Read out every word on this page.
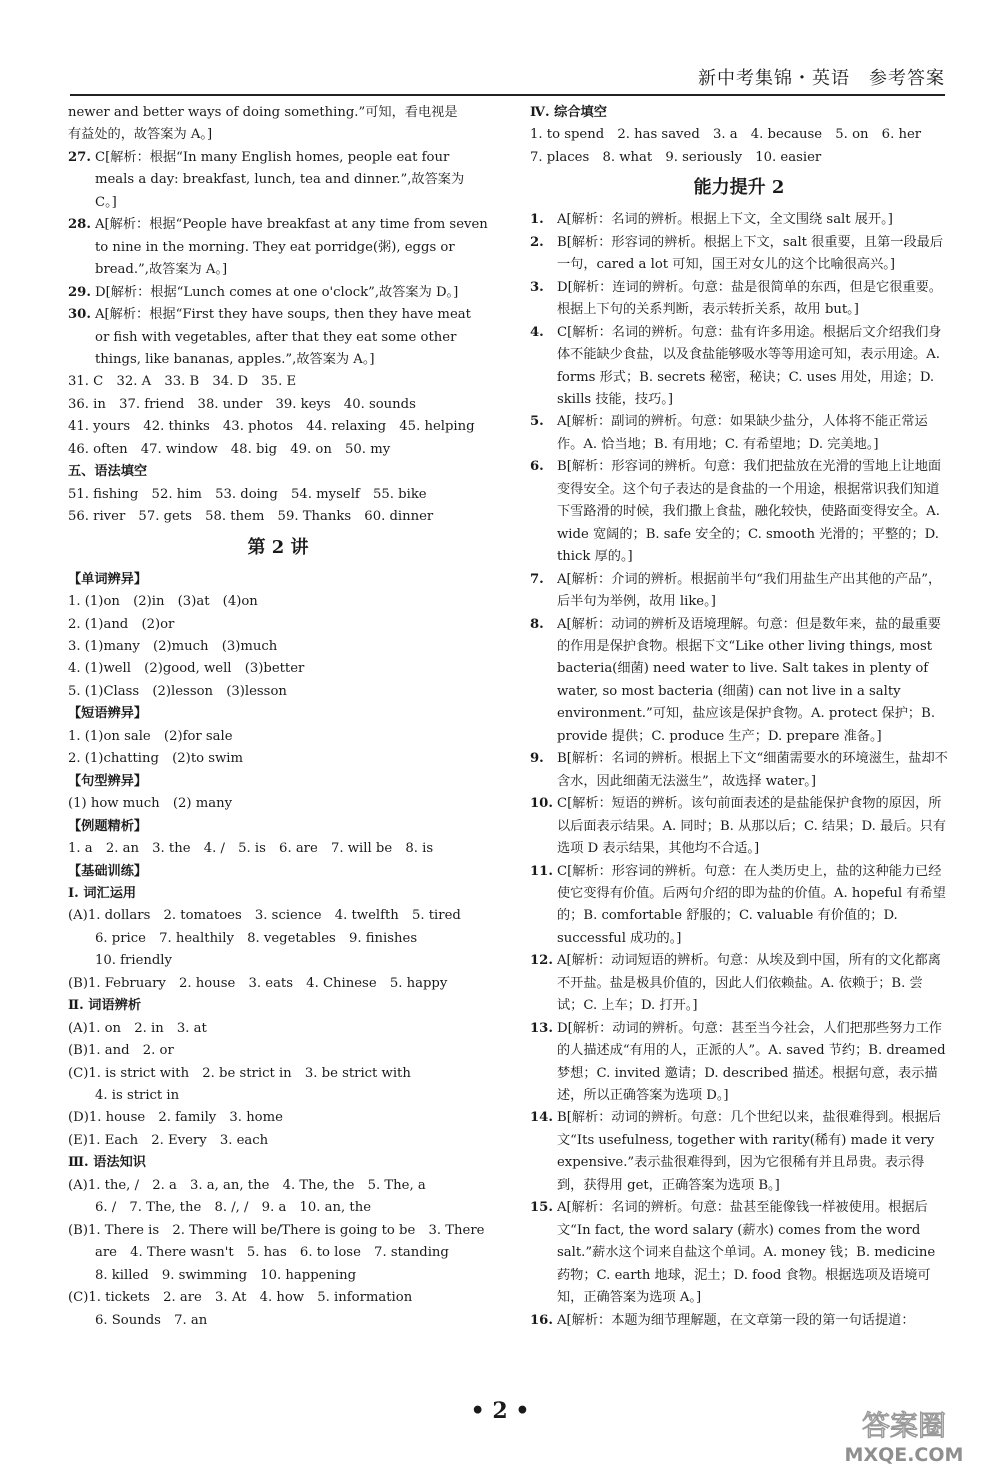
新中考集锦・英语　参考答案
newer and better ways of doing something.”可知，看电视是
有益处的，故答案为 A。]
27. C[解析：根据“In many English homes, people eat four meals a day: breakfast, lunch, tea and dinner.”,故答案为 C。]
28. A[解析：根据“People have breakfast at any time from seven to nine in the morning. They eat porridge(粥), eggs or bread.”,故答案为 A。]
29. D[解析：根据“Lunch comes at one o'clock”,故答案为 D。]
30. A[解析：根据“First they have soups, then they have meat or fish with vegetables, after that they eat some other things, like bananas, apples.”,故答案为 A。]
31. C　32. A　33. B　34. D　35. E
36. in　37. friend　38. under　39. keys　40. sounds
41. yours　42. thinks　43. photos　44. relaxing　45. helping
46. often　47. window　48. big　49. on　50. my
五、语法填空
51. fishing　52. him　53. doing　54. myself　55. bike
56. river　57. gets　58. them　59. Thanks　60. dinner
第 2 讲
【单词辨异】
1. (1)on　(2)in　(3)at　(4)on
2. (1)and　(2)or
3. (1)many　(2)much　(3)much
4. (1)well　(2)good, well　(3)better
5. (1)Class　(2)lesson　(3)lesson
【短语辨异】
1. (1)on sale　(2)for sale
2. (1)chatting　(2)to swim
【句型辨异】
(1) how much　(2) many
【例题精析】
1. a　2. an　3. the　4. /　5. is　6. are　7. will be　8. is
【基础训练】
Ⅰ. 词汇运用
(A)1. dollars　2. tomatoes　3. science　4. twelfth　5. tired
6. price　7. healthily　8. vegetables　9. finishes
10. friendly
(B)1. February　2. house　3. eats　4. Chinese　5. happy
Ⅱ. 词语辨析
(A)1. on　2. in　3. at
(B)1. and　2. or
(C)1. is strict with　2. be strict in　3. be strict with
4. is strict in
(D)1. house　2. family　3. home
(E)1. Each　2. Every　3. each
Ⅲ. 语法知识
(A)1. the, /　2. a　3. a, an, the　4. The, the　5. The, a
6. /　7. The, the　8. /, /　9. a　10. an, the
(B)1. There is　2. There will be/There is going to be　3. There
are　4. There wasn't　5. has　6. to lose　7. standing
8. killed　9. swimming　10. happening
(C)1. tickets　2. are　3. At　4. how　5. information
6. Sounds　7. an
Ⅳ. 综合填空
1. to spend　2. has saved　3. a　4. because　5. on　6. her
7. places　8. what　9. seriously　10. easier
能力提升 2
1.	A[解析：名词的辨析。根据上下文，全文围绕 salt 展开。]
2.	B[解析：形容词的辨析。根据上下文，salt 很重要，且第一段最后一句，cared a lot 可知，国王对女儿的这个比喻很高兴。]
3.	D[解析：连词的辨析。句意：盐是很简单的东西，但是它很重要。根据上下句的关系判断，表示转折关系，故用 but。]
4.	C[解析：名词的辨析。句意：盐有许多用途。根据后文介绍我们身体不能缺少食盐，以及食盐能够吸水等等用途可知，表示用途。A. forms 形式；B. secrets 秘密，秘诀；C. uses 用处，用途；D. skills 技能，技巧。]
5.	A[解析：副词的辨析。句意：如果缺少盐分，人体将不能正常运作。A. 恰当地；B. 有用地；C. 有希望地；D. 完美地。]
6.	B[解析：形容词的辨析。句意：我们把盐放在光滑的雪地上让地面变得安全。这个句子表达的是食盐的一个用途，根据常识我们知道下雪路滑的时候，我们撒上食盐，融化较快，使路面变得安全。A. wide 宽阔的；B. safe 安全的；C. smooth 光滑的；平整的；D. thick 厚的。]
7.	A[解析：介词的辨析。根据前半句“我们用盐生产出其他的产品”，后半句为举例，故用 like。]
8.	A[解析：动词的辨析及语境理解。句意：但是数年来，盐的最重要的作用是保护食物。根据下文“Like other living things, most bacteria(细菌) need water to live. Salt takes in plenty of water, so most bacteria (细菌) can not live in a salty environment.”可知，盐应该是保护食物。A. protect 保护；B. provide 提供；C. produce 生产；D. prepare 准备。]
9.	B[解析：名词的辨析。根据上下文“细菌需要水的环境滋生，盐却不含水，因此细菌无法滋生”，故选择 water。]
10. C[解析：短语的辨析。该句前面表述的是盐能保护食物的原因，所以后面表示结果。A. 同时；B. 从那以后；C. 结果；D. 最后。只有选项 D 表示结果，其他均不合适。]
11. C[解析：形容词的辨析。句意：在人类历史上，盐的这种能力已经使它变得有价值。后两句介绍的即为盐的价值。A. hopeful 有希望的；B. comfortable 舒服的；C. valuable 有价值的；D. successful 成功的。]
12. A[解析：动词短语的辨析。句意：从埃及到中国，所有的文化都离不开盐。盐是极具价值的，因此人们依赖盐。A. 依赖于；B. 尝试；C. 上车；D. 打开。]
13. D[解析：动词的辨析。句意：甚至当今社会，人们把那些努力工作的人描述成“有用的人，正派的人”。A. saved 节约；B. dreamed 梦想；C. invited 邀请；D. described 描述。根据句意，表示描述，所以正确答案为选项 D。]
14. B[解析：动词的辨析。句意：几个世纪以来，盐很难得到。根据后文“Its usefulness, together with rarity(稀有) made it very expensive.”表示盐很难得到，因为它很稀有并且昂贵。表示得到，获得用 get，正确答案为选项 B。]
15. A[解析：名词的辨析。句意：盐甚至能像钱一样被使用。根据后文“In fact, the word salary (薪水) comes from the word salt.”薪水这个词来自盐这个单词。A. money 钱；B. medicine 药物；C. earth 地球，泥土；D. food 食物。根据选项及语境可知，正确答案为选项 A。]
16. A[解析：本题为细节理解题，在文章第一段的第一句话提道：
• 2 •	答案圈
MXQE.COM
